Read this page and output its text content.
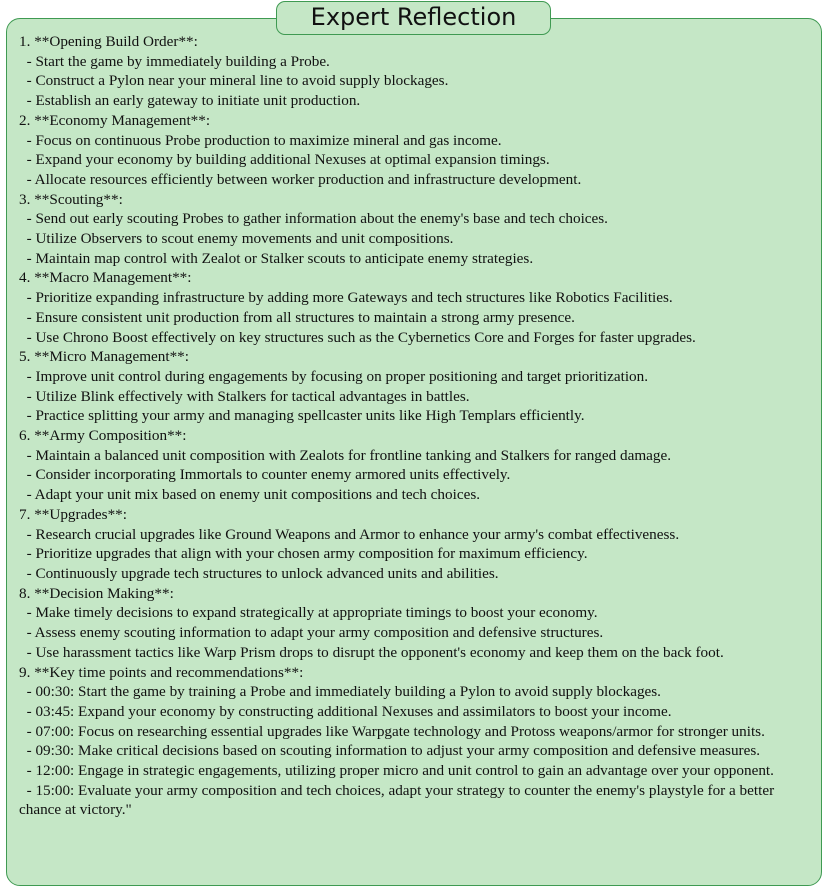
Expert Reflection

1. **Opening Build Order**:

- Start the game by immediately building a Probe.

- Construct a Pylon near your mineral line to avoid supply blockages.

- Establish an early gateway to initiate unit production.

2. **Economy Management**:

- Focus on continuous Probe production to maximize mineral and gas income.

- Expand your economy by building additional Nexuses at optimal expansion timings.

- Allocate resources efficiently between worker production and infrastructure development.

3. **Scouting**:

- Send out early scouting Probes to gather information about the enemy's base and tech choices.

- Utilize Observers to scout enemy movements and unit compositions.

- Maintain map control with Zealot or Stalker scouts to anticipate enemy strategies.

4. **Macro Management**:

- Prioritize expanding infrastructure by adding more Gateways and tech structures like Robotics Facilities.

- Ensure consistent unit production from all structures to maintain a strong army presence.

- Use Chrono Boost effectively on key structures such as the Cybernetics Core and Forges for faster upgrades.

5. **Micro Management**:

- Improve unit control during engagements by focusing on proper positioning and target prioritization.

- Utilize Blink effectively with Stalkers for tactical advantages in battles.

- Practice splitting your army and managing spellcaster units like High Templars efficiently.

6. **Army Composition**:

- Maintain a balanced unit composition with Zealots for frontline tanking and Stalkers for ranged damage.

- Consider incorporating Immortals to counter enemy armored units effectively.

- Adapt your unit mix based on enemy unit compositions and tech choices.

7. **Upgrades**:

- Research crucial upgrades like Ground Weapons and Armor to enhance your army's combat effectiveness.

- Prioritize upgrades that align with your chosen army composition for maximum efficiency.

- Continuously upgrade tech structures to unlock advanced units and abilities.

8. **Decision Making**:

- Make timely decisions to expand strategically at appropriate timings to boost your economy.

- Assess enemy scouting information to adapt your army composition and defensive structures.

- Use harassment tactics like Warp Prism drops to disrupt the opponent's economy and keep them on the back foot.

9. **Key time points and recommendations**:

- 00:30: Start the game by training a Probe and immediately building a Pylon to avoid supply blockages.

- 03:45: Expand your economy by constructing additional Nexuses and assimilators to boost your income.

- 07:00: Focus on researching essential upgrades like Warpgate technology and Protoss weapons/armor for stronger units.

- 09:30: Make critical decisions based on scouting information to adjust your army composition and defensive measures.

- 12:00: Engage in strategic engagements, utilizing proper micro and unit control to gain an advantage over your opponent.

- 15:00: Evaluate your army composition and tech choices, adapt your strategy to counter the enemy's playstyle for a better chance at victory."
